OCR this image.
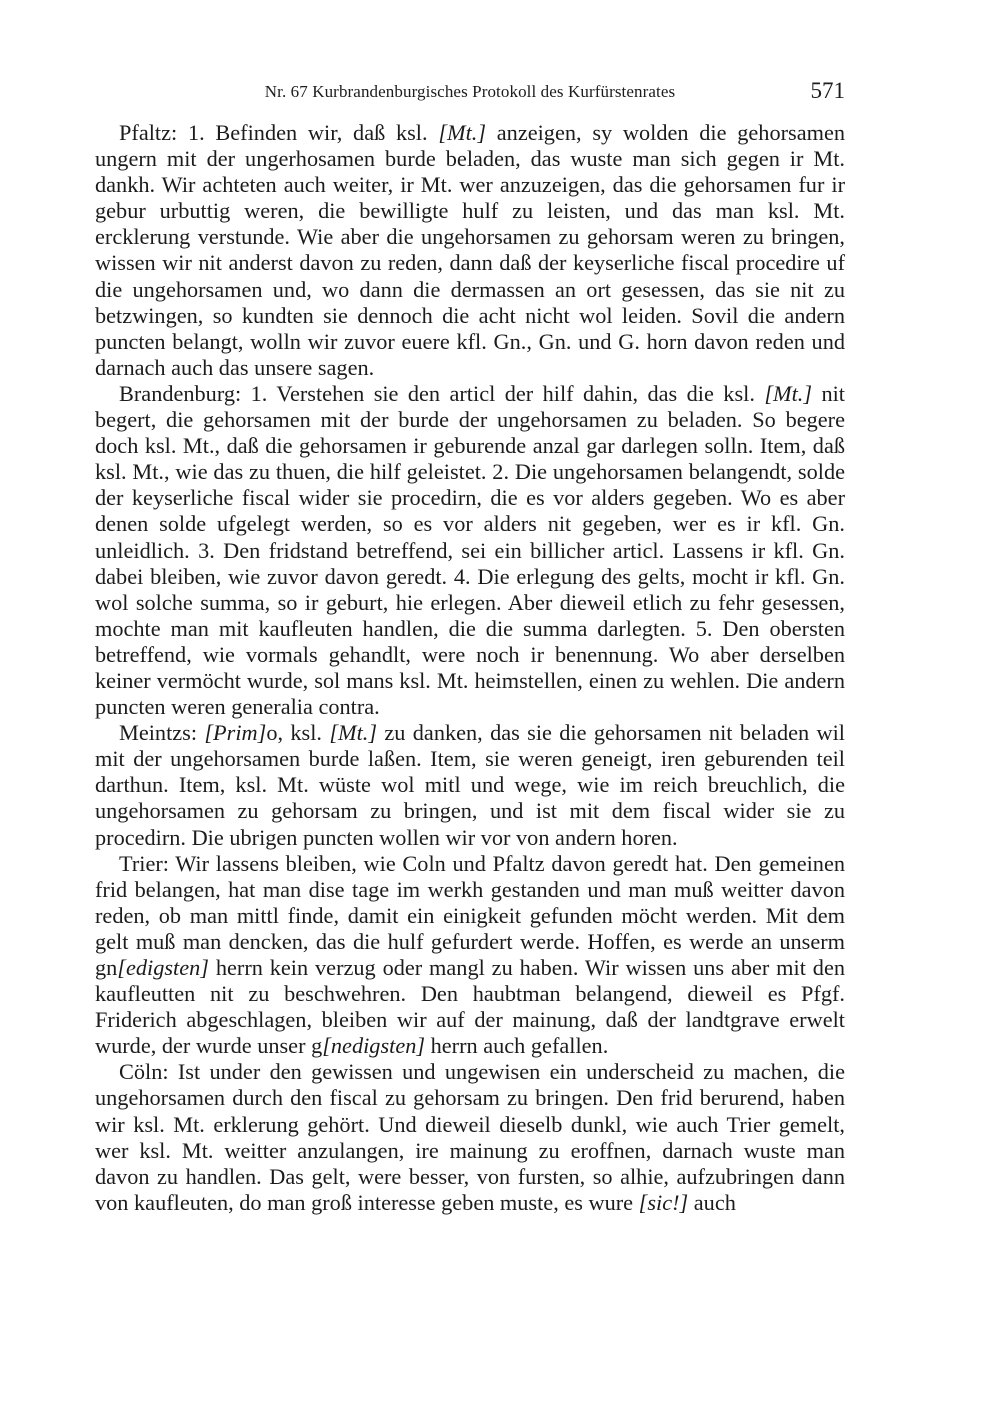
Nr. 67 Kurbrandenburgisches Protokoll des Kurfürstenrates	571

Pfaltz: 1. Befinden wir, daß ksl. [Mt.] anzeigen, sy wolden die gehorsamen ungern mit der ungerhosamen burde beladen, das wuste man sich gegen ir Mt. dankh. Wir achteten auch weiter, ir Mt. wer anzuzeigen, das die gehorsamen fur ir gebur urbuttig weren, die bewilligte hulf zu leisten, und das man ksl. Mt. ercklerung verstunde. Wie aber die ungehorsamen zu gehorsam weren zu bringen, wissen wir nit anderst davon zu reden, dann daß der keyserliche fiscal procedire uf die ungehorsamen und, wo dann die dermassen an ort gesessen, das sie nit zu betzwingen, so kundten sie dennoch die acht nicht wol leiden. Sovil die andern puncten belangt, wolln wir zuvor euere kfl. Gn., Gn. und G. horn davon reden und darnach auch das unsere sagen.

Brandenburg: 1. Verstehen sie den articl der hilf dahin, das die ksl. [Mt.] nit begert, die gehorsamen mit der burde der ungehorsamen zu beladen. So begere doch ksl. Mt., daß die gehorsamen ir geburende anzal gar darlegen solln. Item, daß ksl. Mt., wie das zu thuen, die hilf geleistet. 2. Die ungehorsamen belangendt, solde der keyserliche fiscal wider sie procedirn, die es vor alders gegeben. Wo es aber denen solde ufgelegt werden, so es vor alders nit gegeben, wer es ir kfl. Gn. unleidlich. 3. Den fridstand betreffend, sei ein billicher articl. Lassens ir kfl. Gn. dabei bleiben, wie zuvor davon geredt. 4. Die erlegung des gelts, mocht ir kfl. Gn. wol solche summa, so ir geburt, hie erlegen. Aber dieweil etlich zu fehr gesessen, mochte man mit kaufleuten handlen, die die summa darlegten. 5. Den obersten betreffend, wie vormals gehandlt, were noch ir benennung. Wo aber derselben keiner vermöcht wurde, sol mans ksl. Mt. heimstellen, einen zu wehlen. Die andern puncten weren generalia contra.

Meintzs: [Prim]o, ksl. [Mt.] zu danken, das sie die gehorsamen nit beladen wil mit der ungehorsamen burde laßen. Item, sie weren geneigt, iren geburenden teil darthun. Item, ksl. Mt. wüste wol mitl und wege, wie im reich breuchlich, die ungehorsamen zu gehorsam zu bringen, und ist mit dem fiscal wider sie zu procedirn. Die ubrigen puncten wollen wir vor von andern horen.

Trier: Wir lassens bleiben, wie Coln und Pfaltz davon geredt hat. Den gemeinen frid belangen, hat man dise tage im werkh gestanden und man muß weitter davon reden, ob man mittl finde, damit ein einigkeit gefunden möcht werden. Mit dem gelt muß man dencken, das die hulf gefurdert werde. Hoffen, es werde an unserm gn[edigsten] herrn kein verzug oder mangl zu haben. Wir wissen uns aber mit den kaufleutten nit zu beschwehren. Den haubtman belangend, dieweil es Pfgf. Friderich abgeschlagen, bleiben wir auf der mainung, daß der landtgrave erwelt wurde, der wurde unser g[nedigsten] herrn auch gefallen.

Cöln: Ist under den gewissen und ungewisen ein underscheid zu machen, die ungehorsamen durch den fiscal zu gehorsam zu bringen. Den frid berurend, haben wir ksl. Mt. erklerung gehört. Und dieweil dieselb dunkl, wie auch Trier gemelt, wer ksl. Mt. weitter anzulangen, ire mainung zu eroffnen, darnach wuste man davon zu handlen. Das gelt, were besser, von fursten, so alhie, aufzubringen dann von kaufleuten, do man groß interesse geben muste, es wure [sic!] auch
